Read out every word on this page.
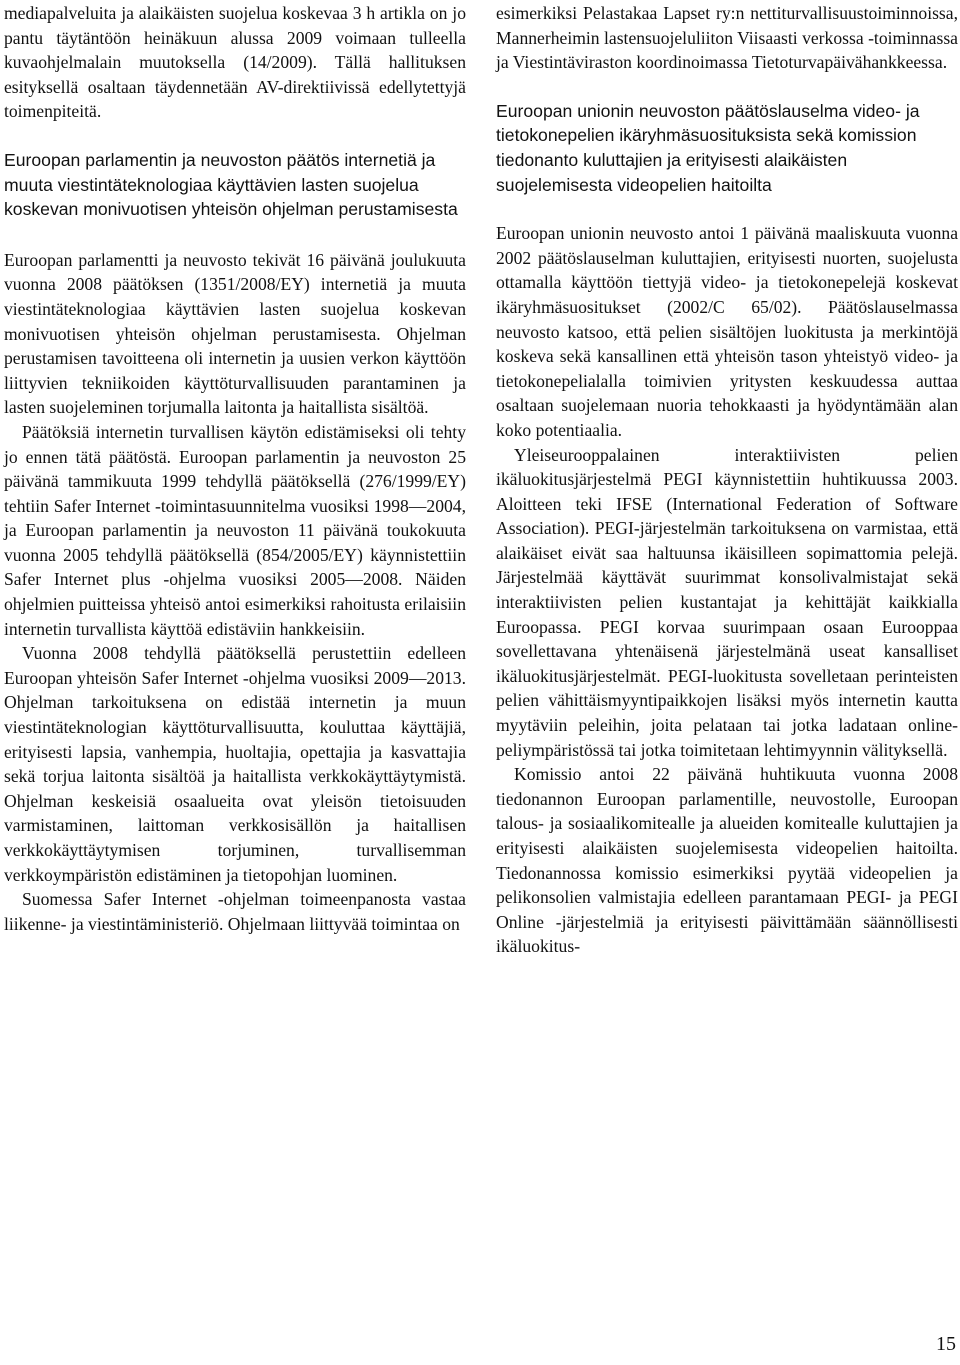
mediapalveluita ja alaikäisten suojelua koskevaa 3 h artikla on jo pantu täytäntöön heinäkuun alussa 2009 voimaan tulleella kuvaohjelmalain muutoksella (14/2009). Tällä hallituksen esityksellä osaltaan täydennetään AV-direktiivissä edellytettyjä toimenpiteitä.

Euroopan parlamentin ja neuvoston päätös internetiä ja muuta viestintäteknologiaa käyttävien lasten suojelua koskevan monivuotisen yhteisön ohjelman perustamisesta

Euroopan parlamentti ja neuvosto tekivät 16 päivänä joulukuuta vuonna 2008 päätöksen (1351/2008/EY) internetiä ja muuta viestintäteknologiaa käyttävien lasten suojelua koskevan monivuotisen yhteisön ohjelman perustamisesta. Ohjelman perustamisen tavoitteena oli internetin ja uusien verkon käyttöön liittyvien tekniikoiden käyttöturvallisuuden parantaminen ja lasten suojeleminen torjumalla laitonta ja haitallista sisältöä.

Päätöksiä internetin turvallisen käytön edistämiseksi oli tehty jo ennen tätä päätöstä. Euroopan parlamentin ja neuvoston 25 päivänä tammikuuta 1999 tehdyllä päätöksellä (276/1999/EY) tehtiin Safer Internet -toimintasuunnitelma vuosiksi 1998—2004, ja Euroopan parlamentin ja neuvoston 11 päivänä toukokuuta vuonna 2005 tehdyllä päätöksellä (854/2005/EY) käynnistettiin Safer Internet plus -ohjelma vuosiksi 2005—2008. Näiden ohjelmien puitteissa yhteisö antoi esimerkiksi rahoitusta erilaisiin internetin turvallista käyttöä edistäviin hankkeisiin.

Vuonna 2008 tehdyllä päätöksellä perustettiin edelleen Euroopan yhteisön Safer Internet -ohjelma vuosiksi 2009—2013. Ohjelman tarkoituksena on edistää internetin ja muun viestintäteknologian käyttöturvallisuutta, kouluttaa käyttäjiä, erityisesti lapsia, vanhempia, huoltajia, opettajia ja kasvattajia sekä torjua laitonta sisältöä ja haitallista verkkokäyttäytymistä. Ohjelman keskeisiä osaalueita ovat yleisön tietoisuuden varmistaminen, laittoman verkkosisällön ja haitallisen verkkokäyttäytymisen torjuminen, turvallisemman verkkoympäristön edistäminen ja tietopohjan luominen.

Suomessa Safer Internet -ohjelman toimeenpanosta vastaa liikenne- ja viestintäministeriö. Ohjelmaan liittyvää toimintaa on

esimerkiksi Pelastakaa Lapset ry:n nettiturvallisuustoiminnoissa, Mannerheimin lastensuojeluliiton Viisaasti verkossa -toiminnassa ja Viestintäviraston koordinoimassa Tietoturvapäivähankkeessa.

Euroopan unionin neuvoston päätöslauselma video- ja tietokonepelien ikäryhmäsuosituksista sekä komission tiedonanto kuluttajien ja erityisesti alaikäisten suojelemisesta videopelien haitoilta

Euroopan unionin neuvosto antoi 1 päivänä maaliskuuta vuonna 2002 päätöslauselman kuluttajien, erityisesti nuorten, suojelusta ottamalla käyttöön tiettyjä video- ja tietokonepelejä koskevat ikäryhmäsuositukset (2002/C 65/02). Päätöslauselmassa neuvosto katsoo, että pelien sisältöjen luokitusta ja merkintöjä koskeva sekä kansallinen että yhteisön tason yhteistyö video- ja tietokonepelialalla toimivien yritysten keskuudessa auttaa osaltaan suojelemaan nuoria tehokkaasti ja hyödyntämään alan koko potentiaalia.

Yleiseurooppalainen interaktiivisten pelien ikäluokitusjärjestelmä PEGI käynnistettiin huhtikuussa 2003. Aloitteen teki IFSE (International Federation of Software Association). PEGI-järjestelmän tarkoituksena on varmistaa, että alaikäiset eivät saa haltuunsa ikäisilleen sopimattomia pelejä. Järjestelmää käyttävät suurimmat konsolivalmistajat sekä interaktiivisten pelien kustantajat ja kehittäjät kaikkialla Euroopassa. PEGI korvaa suurimpaan osaan Eurooppaa sovellettavana yhtenäisenä järjestelmänä useat kansalliset ikäluokitusjärjestelmät. PEGI-luokitusta sovelletaan perinteisten pelien vähittäismyyntipaikkojen lisäksi myös internetin kautta myytäviin peleihin, joita pelataan tai jotka ladataan online-peliympäristössä tai jotka toimitetaan lehtimyynnin välityksellä.

Komissio antoi 22 päivänä huhtikuuta vuonna 2008 tiedonannon Euroopan parlamentille, neuvostolle, Euroopan talous- ja sosiaalikomitealle ja alueiden komitealle kuluttajien ja erityisesti alaikäisten suojelemisesta videopelien haitoilta. Tiedonannossa komissio esimerkiksi pyytää videopelien ja pelikonsolien valmistajia edelleen parantamaan PEGI- ja PEGI Online -järjestelmiä ja erityisesti päivittämään säännöllisesti ikäluokitus-

15
